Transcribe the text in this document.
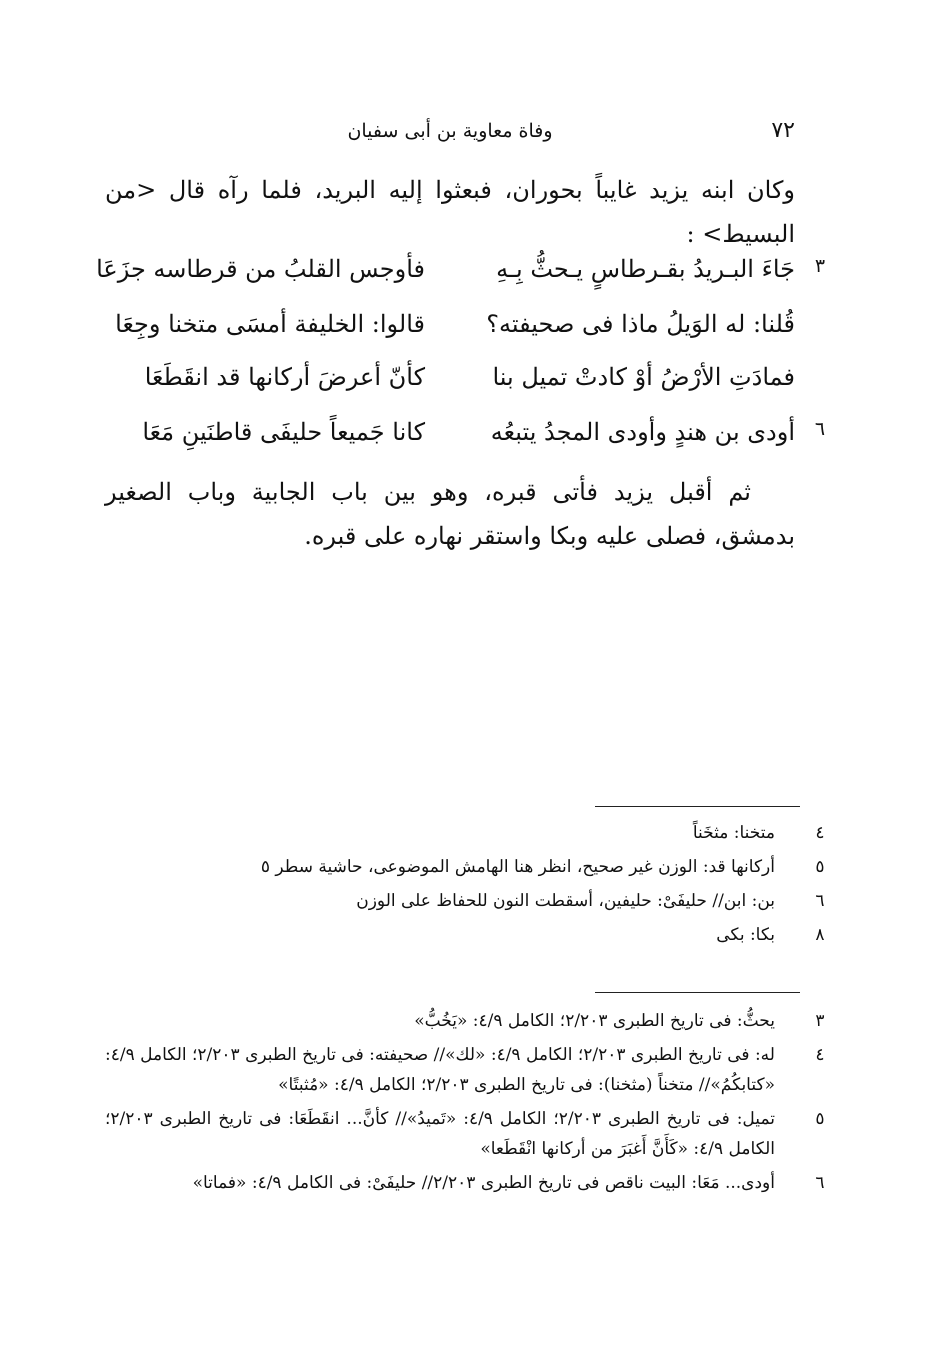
٧٢
وفاة معاوية بن أبى سفيان

وكان ابنه يزيد غايباً بحوران، فبعثوا إليه البريد، فلما رآه قال <من البسيط> :

٣
جَاءَ البـريدُ بقـرطاسٍ يـحثُّ بِـهِ
فأوجس القلبُ من قرطاسه جزَعَا
قُلنا: له الوَيلُ ماذا فى صحيفته؟
قالوا: الخليفة أمسَى متخنا وجِعَا
فمادَتِ الأرْضُ أوْ كادتْ تميل بنا
كأنّ أعرضَ أركانها قد انقَطَعَا
٦
أودى بن هندٍ وأودى المجدُ يتبعُه
كانا جَميعاً حليفَى قاطنَينِ مَعَا

ثم أقبل يزيد فأتى قبره، وهو بين باب الجابية وباب الصغير بدمشق، فصلى عليه وبكا واستقر نهاره على قبره.

٤
متخنا: مثخَناً
٥
أركانها قد: الوزن غير صحيح، انظر هنا الهامش الموضوعى، حاشية سطر ٥
٦
بن: ابن// حليفَىْ: حليفين، أسقطت النون للحفاظ على الوزن
٨
بكا: بكى
٣
يحثُّ: فى تاريخ الطبرى ٢/٢٠٣؛ الكامل ٤/٩: «يَخُبُّ»
٤
له: فى تاريخ الطبرى ٢/٢٠٣؛ الكامل ٤/٩: «لك»// صحيفته: فى تاريخ الطبرى ٢/٢٠٣؛ الكامل ٤/٩: «كتابكُمُ»// متخناً (مثخنا): فى تاريخ الطبرى ٢/٢٠٣؛ الكامل ٤/٩: «مُثبتًا»
٥
تميل: فى تاريخ الطبرى ٢/٢٠٣؛ الكامل ٤/٩: «تَميدُ»// كأنَّ... انقَطَعَا: فى تاريخ الطبرى ٢/٢٠٣؛ الكامل ٤/٩: «كَأَنَّ أَغبَرَ من أركانها انْقَطَعا»
٦
أودى... مَعَا: البيت ناقص فى تاريخ الطبرى ٢/٢٠٣// حليفَىْ: فى الكامل ٤/٩: «فماتا»
